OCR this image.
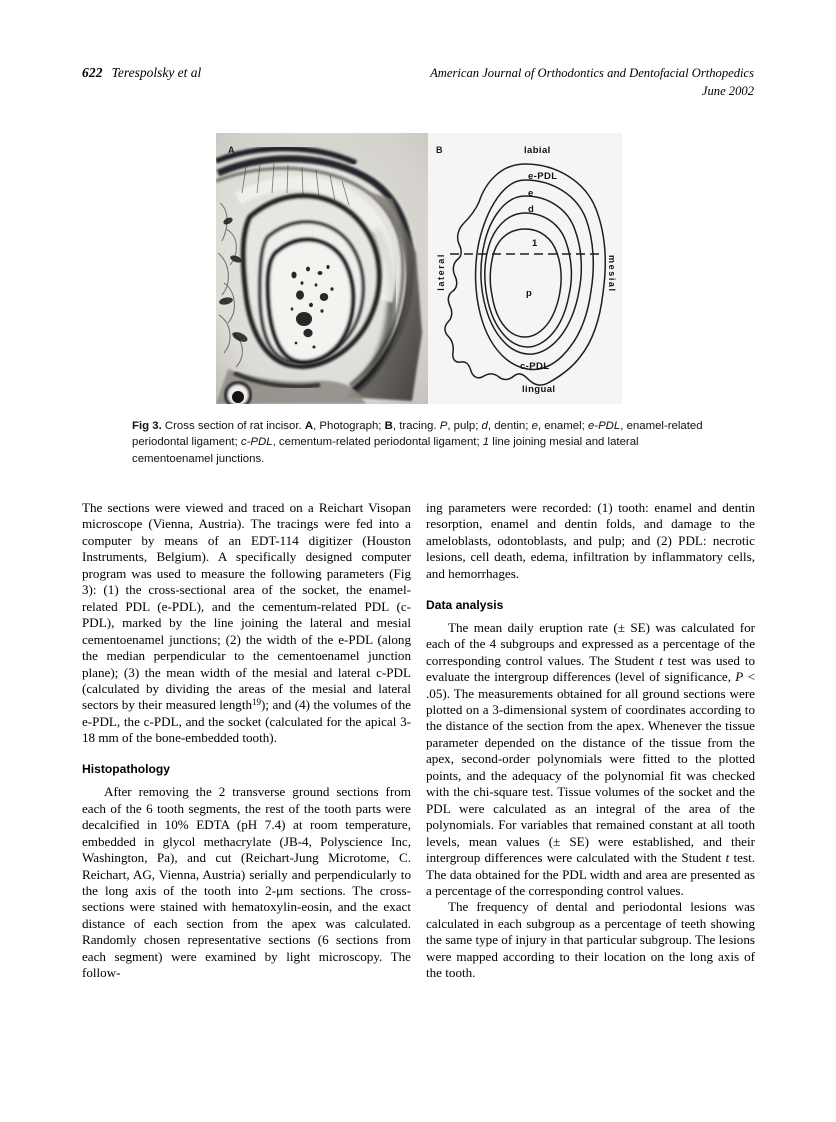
622 Terespolsky et al	American Journal of Orthodontics and Dentofacial Orthopedics
June 2002
A	B	labial
lingual
lateral	mesial
e-PDL
e
d
1
p
c-PDL
Fig 3. Cross section of rat incisor. A, Photograph; B, tracing. P, pulp; d, dentin; e, enamel; e-PDL, enamel-related periodontal ligament; c-PDL, cementum-related periodontal ligament; 1 line joining mesial and lateral cementoenamel junctions.

The sections were viewed and traced on a Reichart Visopan microscope (Vienna, Austria). The tracings were fed into a computer by means of an EDT-114 digitizer (Houston Instruments, Belgium). A specifically designed computer program was used to measure the following parameters (Fig 3): (1) the cross-sectional area of the socket, the enamel-related PDL (e-PDL), and the cementum-related PDL (c-PDL), marked by the line joining the lateral and mesial cementoenamel junctions; (2) the width of the e-PDL (along the median perpendicular to the cementoenamel junction plane); (3) the mean width of the mesial and lateral c-PDL (calculated by dividing the areas of the mesial and lateral sectors by their measured length$^{19}$); and (4) the volumes of the e-PDL, the c-PDL, and the socket (calculated for the apical 3-18 mm of the bone-embedded tooth).

Histopathology

After removing the 2 transverse ground sections from each of the 6 tooth segments, the rest of the tooth parts were decalcified in 10% EDTA (pH 7.4) at room temperature, embedded in glycol methacrylate (JB-4, Polyscience Inc, Washington, Pa), and cut (Reichart-Jung Microtome, C. Reichart, AG, Vienna, Austria) serially and perpendicularly to the long axis of the tooth into 2-μm sections. The cross-sections were stained with hematoxylin-eosin, and the exact distance of each section from the apex was calculated. Randomly chosen representative sections (6 sections from each segment) were examined by light microscopy. The follow-

ing parameters were recorded: (1) tooth: enamel and dentin resorption, enamel and dentin folds, and damage to the ameloblasts, odontoblasts, and pulp; and (2) PDL: necrotic lesions, cell death, edema, infiltration by inflammatory cells, and hemorrhages.

Data analysis

The mean daily eruption rate (± SE) was calculated for each of the 4 subgroups and expressed as a percentage of the corresponding control values. The Student t test was used to evaluate the intergroup differences (level of significance, P < .05). The measurements obtained for all ground sections were plotted on a 3-dimensional system of coordinates according to the distance of the section from the apex. Whenever the tissue parameter depended on the distance of the tissue from the apex, second-order polynomials were fitted to the plotted points, and the adequacy of the polynomial fit was checked with the chi-square test. Tissue volumes of the socket and the PDL were calculated as an integral of the area of the polynomials. For variables that remained constant at all tooth levels, mean values (± SE) were established, and their intergroup differences were calculated with the Student t test. The data obtained for the PDL width and area are presented as a percentage of the corresponding control values.

The frequency of dental and periodontal lesions was calculated in each subgroup as a percentage of teeth showing the same type of injury in that particular subgroup. The lesions were mapped according to their location on the long axis of the tooth.
